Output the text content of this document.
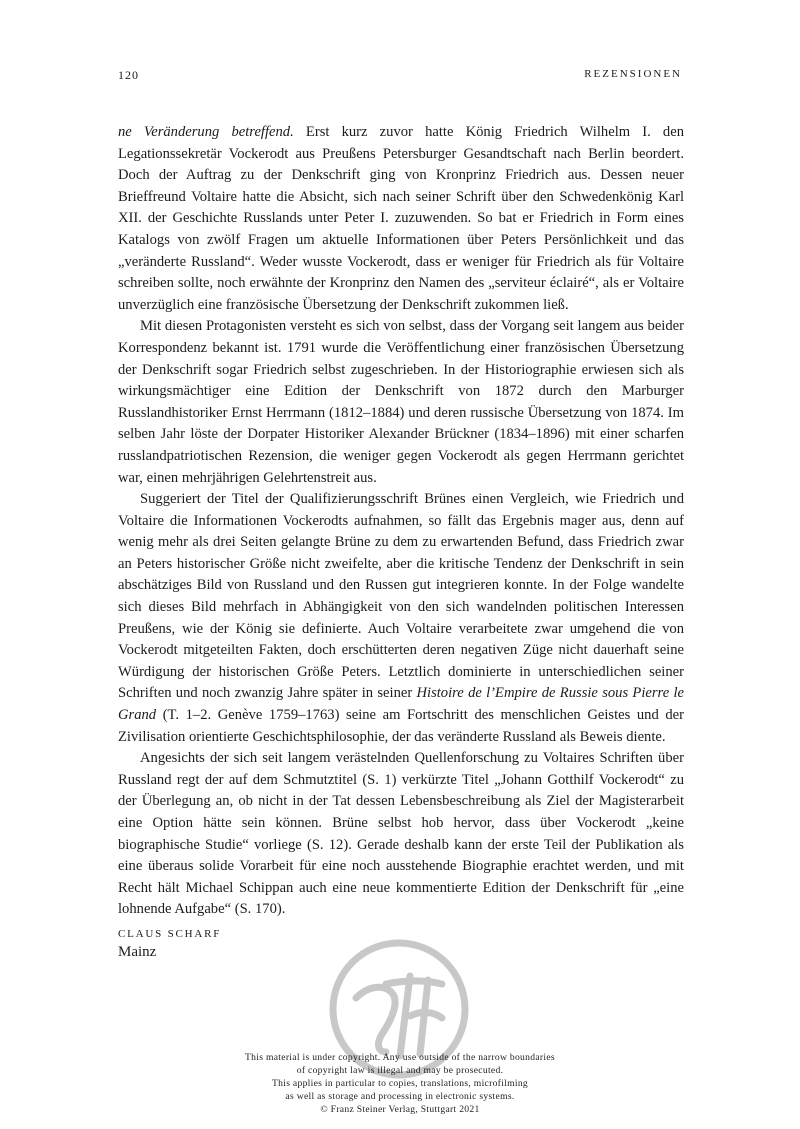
120	REZENSIONEN

ne Veränderung betreffend. Erst kurz zuvor hatte König Friedrich Wilhelm I. den Legationssekretär Vockerodt aus Preußens Petersburger Gesandtschaft nach Berlin beordert. Doch der Auftrag zu der Denkschrift ging von Kronprinz Friedrich aus. Dessen neuer Brieffreund Voltaire hatte die Absicht, sich nach seiner Schrift über den Schwedenkönig Karl XII. der Geschichte Russlands unter Peter I. zuzuwenden. So bat er Friedrich in Form eines Katalogs von zwölf Fragen um aktuelle Informationen über Peters Persönlichkeit und das „veränderte Russland“. Weder wusste Vockerodt, dass er weniger für Friedrich als für Voltaire schreiben sollte, noch erwähnte der Kronprinz den Namen des „serviteur éclairé“, als er Voltaire unverzüglich eine französische Übersetzung der Denkschrift zukommen ließ.

Mit diesen Protagonisten versteht es sich von selbst, dass der Vorgang seit langem aus beider Korrespondenz bekannt ist. 1791 wurde die Veröffentlichung einer französischen Übersetzung der Denkschrift sogar Friedrich selbst zugeschrieben. In der Historiographie erwiesen sich als wirkungsmächtiger eine Edition der Denkschrift von 1872 durch den Marburger Russlandhistoriker Ernst Herrmann (1812–1884) und deren russische Übersetzung von 1874. Im selben Jahr löste der Dorpater Historiker Alexander Brückner (1834–1896) mit einer scharfen russlandpatriotischen Rezension, die weniger gegen Vockerodt als gegen Herrmann gerichtet war, einen mehrjährigen Gelehrtenstreit aus.

Suggeriert der Titel der Qualifizierungsschrift Brünes einen Vergleich, wie Friedrich und Voltaire die Informationen Vockerodts aufnahmen, so fällt das Ergebnis mager aus, denn auf wenig mehr als drei Seiten gelangte Brüne zu dem zu erwartenden Befund, dass Friedrich zwar an Peters historischer Größe nicht zweifelte, aber die kritische Tendenz der Denkschrift in sein abschätziges Bild von Russland und den Russen gut integrieren konnte. In der Folge wandelte sich dieses Bild mehrfach in Abhängigkeit von den sich wandelnden politischen Interessen Preußens, wie der König sie definierte. Auch Voltaire verarbeitete zwar umgehend die von Vockerodt mitgeteilten Fakten, doch erschütterten deren negativen Züge nicht dauerhaft seine Würdigung der historischen Größe Peters. Letztlich dominierte in unterschiedlichen seiner Schriften und noch zwanzig Jahre später in seiner Histoire de l’Empire de Russie sous Pierre le Grand (T. 1–2. Genève 1759–1763) seine am Fortschritt des menschlichen Geistes und der Zivilisation orientierte Geschichtsphilosophie, der das veränderte Russland als Beweis diente.

Angesichts der sich seit langem verästelnden Quellenforschung zu Voltaires Schriften über Russland regt der auf dem Schmutztitel (S. 1) verkürzte Titel „Johann Gotthilf Vockerodt“ zu der Überlegung an, ob nicht in der Tat dessen Lebensbeschreibung als Ziel der Magisterarbeit eine Option hätte sein können. Brüne selbst hob hervor, dass über Vockerodt „keine biographische Studie“ vorliege (S. 12). Gerade deshalb kann der erste Teil der Publikation als eine überaus solide Vorarbeit für eine noch ausstehende Biographie erachtet werden, und mit Recht hält Michael Schippan auch eine neue kommentierte Edition der Denkschrift für „eine lohnende Aufgabe“ (S. 170).

CLAUS SCHARF
Mainz
This material is under copyright. Any use outside of the narrow boundaries
of copyright law is illegal and may be prosecuted.
This applies in particular to copies, translations, microfilming
as well as storage and processing in electronic systems.
© Franz Steiner Verlag, Stuttgart 2021
